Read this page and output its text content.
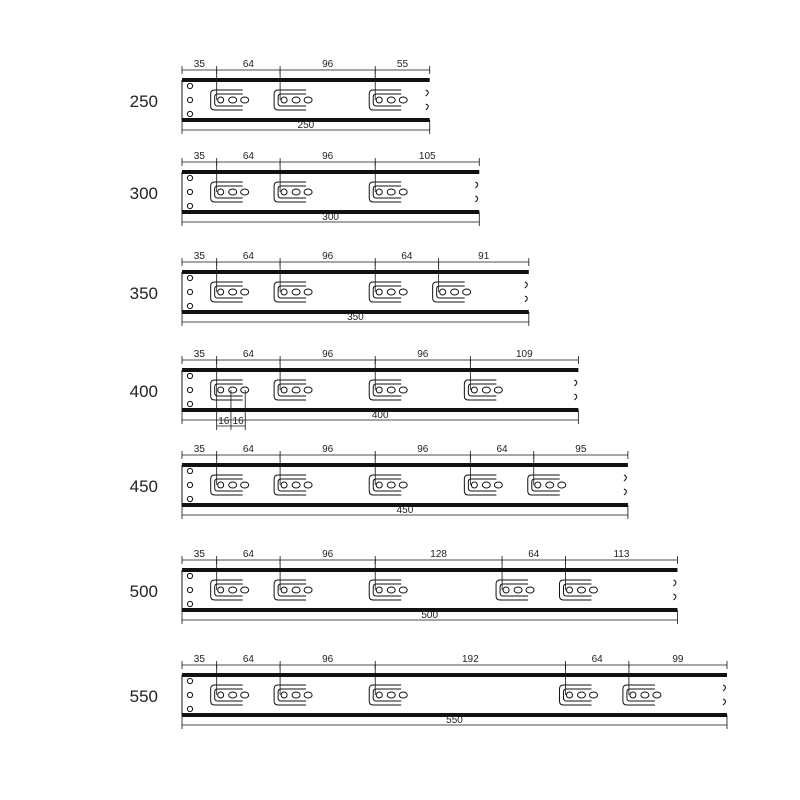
250
35	64	96	55
250
300
35	64	96	105
300
350
35	64	96	64	91
350
400
35	64	96	96	109
400
16 16
450
35	64	96	96	64	95
450
500
35	64	96	128	64	113
500
550
35	64	96	192	64	99
550
